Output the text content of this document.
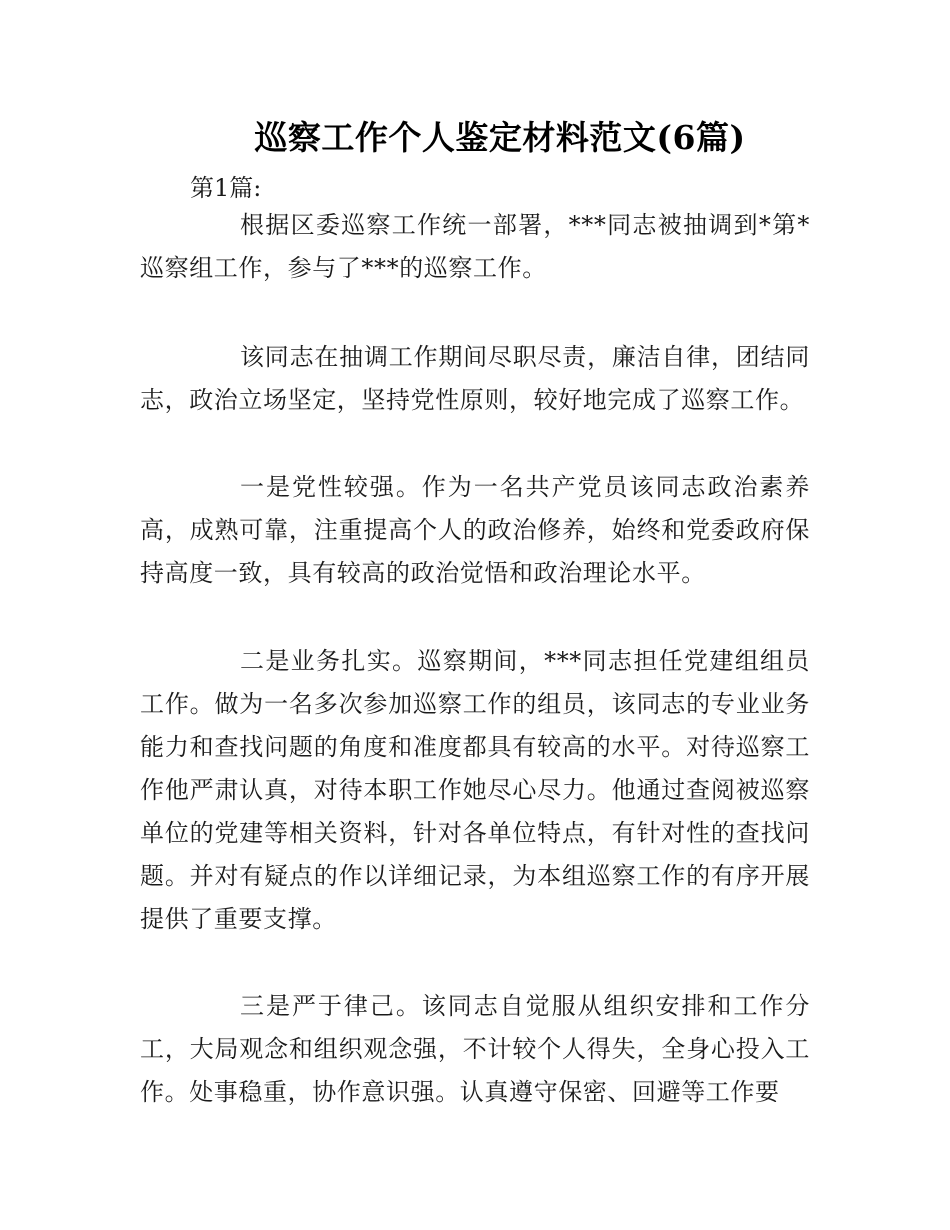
巡察工作个人鉴定材料范文(6篇)
第1篇:

根据区委巡察工作统一部署，***同志被抽调到*第*巡察组工作，参与了***的巡察工作。

该同志在抽调工作期间尽职尽责，廉洁自律，团结同志，政治立场坚定，坚持党性原则，较好地完成了巡察工作。

一是党性较强。作为一名共产党员该同志政治素养高，成熟可靠，注重提高个人的政治修养，始终和党委政府保持高度一致，具有较高的政治觉悟和政治理论水平。

二是业务扎实。巡察期间，***同志担任党建组组员工作。做为一名多次参加巡察工作的组员，该同志的专业业务能力和查找问题的角度和准度都具有较高的水平。对待巡察工作他严肃认真，对待本职工作她尽心尽力。他通过查阅被巡察单位的党建等相关资料，针对各单位特点，有针对性的查找问题。并对有疑点的作以详细记录，为本组巡察工作的有序开展提供了重要支撑。

三是严于律己。该同志自觉服从组织安排和工作分工，大局观念和组织观念强，不计较个人得失，全身心投入工作。处事稳重，协作意识强。认真遵守保密、回避等工作要
